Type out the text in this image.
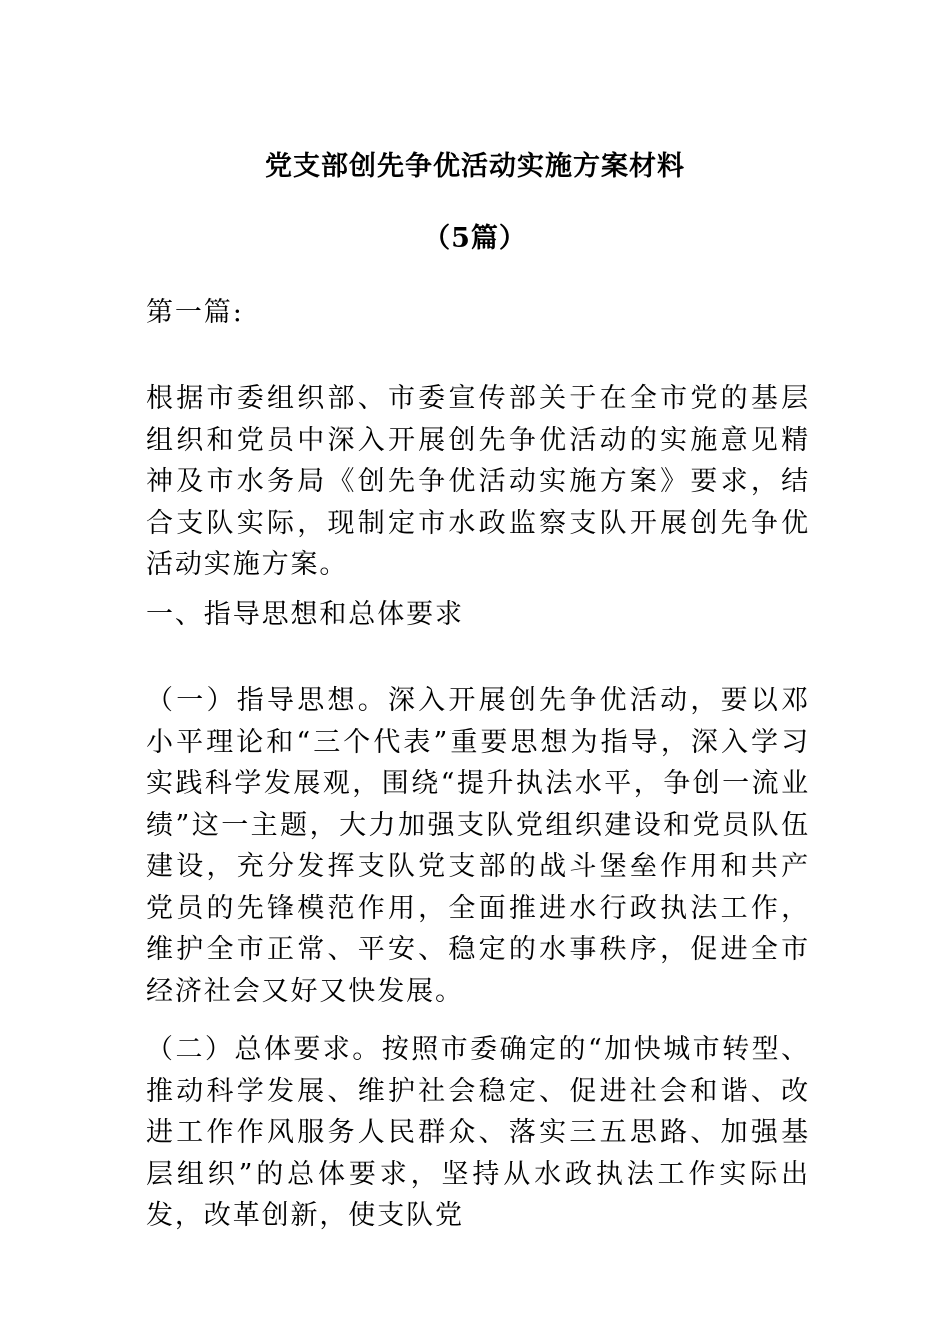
党支部创先争优活动实施方案材料
（5篇）

第一篇:

根据市委组织部、市委宣传部关于在全市党的基层组织和党员中深入开展创先争优活动的实施意见精神及市水务局《创先争优活动实施方案》要求，结合支队实际，现制定市水政监察支队开展创先争优活动实施方案。

一、指导思想和总体要求

（一）指导思想。深入开展创先争优活动，要以邓小平理论和“三个代表”重要思想为指导，深入学习实践科学发展观，围绕“提升执法水平，争创一流业绩”这一主题，大力加强支队党组织建设和党员队伍建设，充分发挥支队党支部的战斗堡垒作用和共产党员的先锋模范作用，全面推进水行政执法工作，维护全市正常、平安、稳定的水事秩序，促进全市经济社会又好又快发展。

（二）总体要求。按照市委确定的“加快城市转型、推动科学发展、维护社会稳定、促进社会和谐、改进工作作风服务人民群众、落实三五思路、加强基层组织”的总体要求，坚持从水政执法工作实际出发，改革创新，使支队党
